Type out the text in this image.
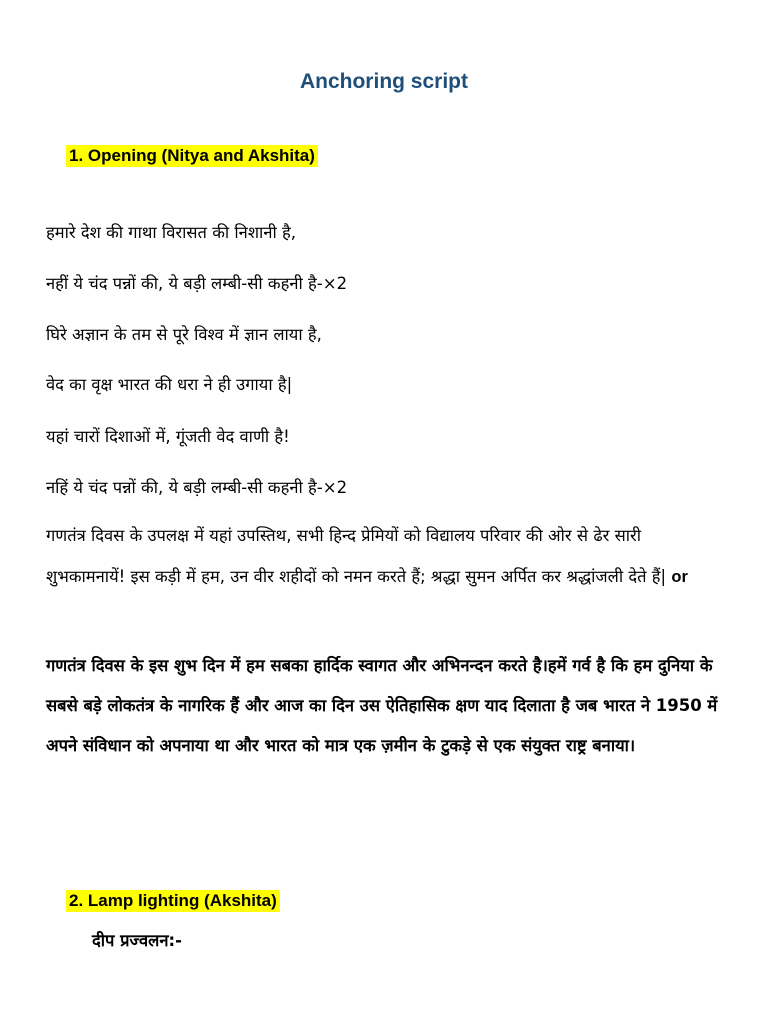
Anchoring script
1. Opening (Nitya and Akshita)
हमारे देश की गाथा विरासत की निशानी है,
नहीं ये चंद पन्नों की, ये बड़ी लम्बी-सी कहनी है-×2
घिरे अज्ञान के तम से पूरे विश्व में ज्ञान लाया है,
वेद का वृक्ष भारत की धरा ने ही उगाया है|
यहां चारों दिशाओं में, गूंजती वेद वाणी है!
नहिं ये चंद पन्नों की, ये बड़ी लम्बी-सी कहनी है-×2
गणतंत्र दिवस के उपलक्ष में यहां उपस्तिथ, सभी हिन्द प्रेमियों को विद्यालय परिवार की ओर से ढेर सारी शुभकामनायें! इस कड़ी में हम, उन वीर शहीदों को नमन करते हैं; श्रद्धा सुमन अर्पित कर श्रद्धांजली देते हैं| or
गणतंत्र दिवस के इस शुभ दिन में हम सबका हार्दिक स्वागत और अभिनन्दन करते है।हमें गर्व है कि हम दुनिया के सबसे बड़े लोकतंत्र के नागरिक हैं और आज का दिन उस ऐतिहासिक क्षण याद दिलाता है जब भारत ने 1950 में अपने संविधान को अपनाया था और भारत को मात्र एक ज़मीन के टुकड़े से एक संयुक्त राष्ट्र बनाया।
2. Lamp lighting (Akshita)
दीप प्रज्वलन:-
